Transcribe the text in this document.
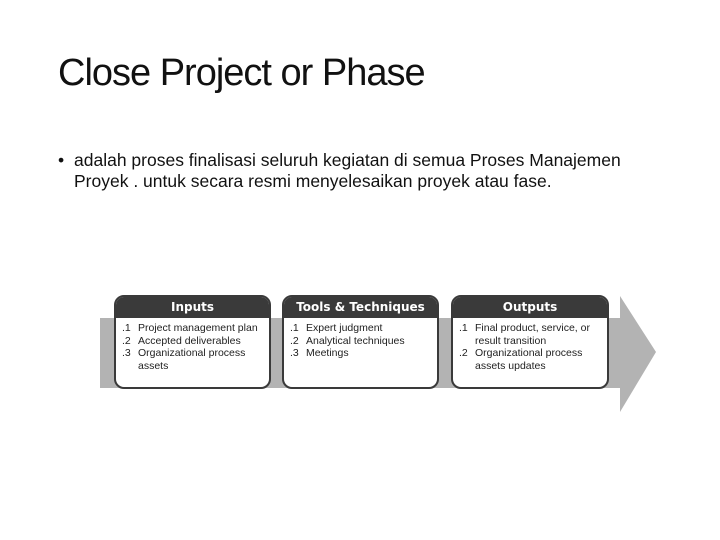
Close Project or Phase
• adalah proses finalisasi seluruh kegiatan di semua Proses Manajemen Proyek . untuk secara resmi menyelesaikan proyek atau fase.
Inputs
.1 Project management plan
.2 Accepted deliverables
.3 Organizational process assets
Tools & Techniques
.1 Expert judgment
.2 Analytical techniques
.3 Meetings
Outputs
.1 Final product, service, or result transition
.2 Organizational process assets updates
